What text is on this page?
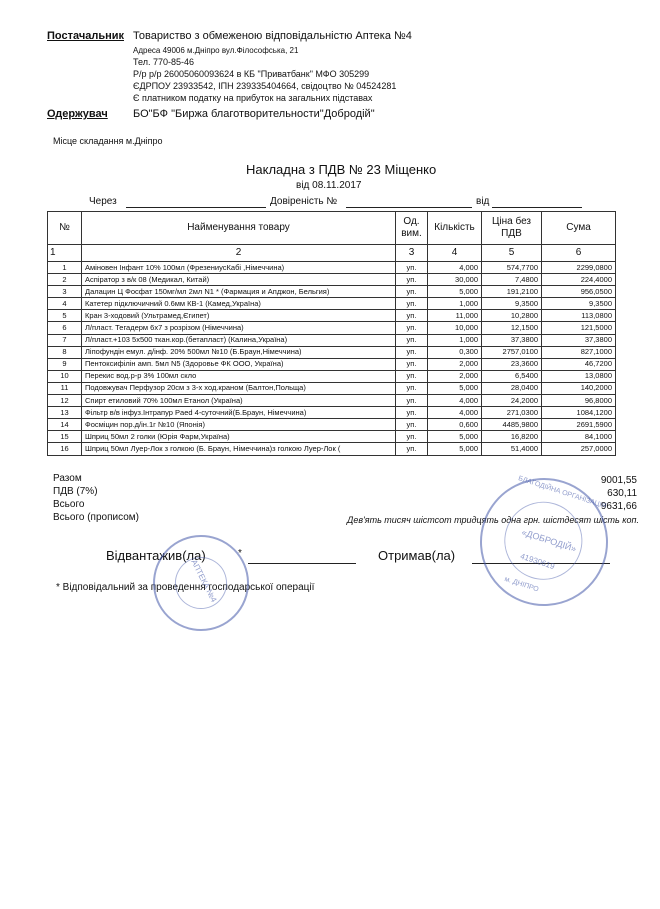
Постачальник Товариство з обмеженою відповідальністю Аптека №4
Адреса 49006 м.Дніпро вул.Філософська, 21
Тел. 770-85-46
Р/р р/р 26005060093624 в КБ "Приватбанк" МФО 305299
ЄДРПОУ 23933542, ІПН 239335404664, свідоцтво № 04524281
Є платником податку на прибуток на загальних підставах
Одержувач БО"БФ "Биржа благотворительности"Добродій"
Місце складання м.Дніпро
Накладна з ПДВ № 23 Міщенко
від 08.11.2017
Через	Довіреність №	від
№	Найменування товару	Од. вим.	Кількість	Ціна без ПДВ	Сума
1	2	3	4	5	6
1	Аміновен Інфант 10% 100мл (ФрезениусКабі ,Німеччина)	уп.	4,000	574,7700	2299,0800
2	Аспіратор з в/к 08 (Медикал, Китай)	уп.	30,000	7,4800	224,4000
3	Далацин Ц Фосфат 150мг/мл 2мл N1 * (Фармация и Апджон, Бельгия)	уп.	5,000	191,2100	956,0500
4	Катетер підключичний 0.6мм КВ-1 (Камед,Україна)	уп.	1,000	9,3500	9,3500
5	Кран 3-ходовий (Ультрамед,Єгипет)	уп.	11,000	10,2800	113,0800
6	Л/пласт. Тегадерм 6х7 з розрізом (Німеччина)	уп.	10,000	12,1500	121,5000
7	Л/пласт.+103 5х500 ткан.кор.(бетапласт) (Калина,Україна)	уп.	1,000	37,3800	37,3800
8	Ліпофундін емул. д/інф. 20% 500мл №10 (Б.Браун,Німеччина)	уп.	0,300	2757,0100	827,1000
9	Пентоксифілін амп. 5мл N5 (Здоровье ФК ООО, Україна)	уп.	2,000	23,3600	46,7200
10	Перекис вод.р-р 3% 100мл скло	уп.	2,000	6,5400	13,0800
11	Подовжувач Перфузор 20см з 3-х ход.краном (Балтон,Польща)	уп.	5,000	28,0400	140,2000
12	Спирт етиловий 70% 100мл Етанол (Україна)	уп.	4,000	24,2000	96,8000
13	Фільтр в/в інфуз.Інтрапур Paed 4-суточний(Б.Браун, Німеччина)	уп.	4,000	271,0300	1084,1200
14	Фосміцин пор.д/ін.1г №10 (Японія)	уп.	0,600	4485,9800	2691,5900
15	Шприц 50мл 2 голки (Юрія Фарм,Україна)	уп.	5,000	16,8200	84,1000
16	Шприц 50мл Луер-Лок з голкою (Б. Браун, Німеччина)з голкою Луер-Лок (	уп.	5,000	51,4000	257,0000
Разом	9001,55
ПДВ (7%)	630,11
Всього	9631,66
Всього (прописом)	Дев'ять тисяч шістсот тридцять одна грн. шістдесят шість коп.
Відвантажив(ла)	*	Отримав(ла)
* Відповідальний за проведення господарської операції
АПТЕКА №4
БЛАГОДІЙНА ОРГАНІЗАЦІЯ
«ДОБРОДІЙ»
41930619
м. ДНІПРО
